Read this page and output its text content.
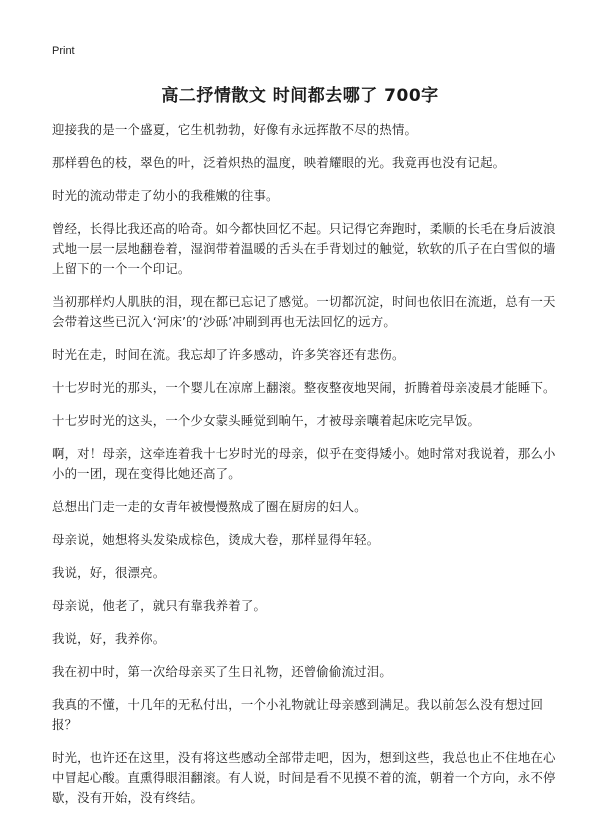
Print
高二抒情散文 时间都去哪了 700字

迎接我的是一个盛夏，它生机勃勃，好像有永远挥散不尽的热情。

那样碧色的枝，翠色的叶，泛着炽热的温度，映着耀眼的光。我竟再也没有记起。

时光的流动带走了幼小的我稚嫩的往事。

曾经，长得比我还高的哈奇。如今都快回忆不起。只记得它奔跑时，柔顺的长毛在身后波浪式地一层一层地翻卷着，湿润带着温暖的舌头在手背划过的触觉，软软的爪子在白雪似的墙上留下的一个一个印记。

当初那样灼人肌肤的泪，现在都已忘记了感觉。一切都沉淀，时间也依旧在流逝，总有一天会带着这些已沉入‘河床’的‘沙砾’冲刷到再也无法回忆的远方。

时光在走，时间在流。我忘却了许多感动，许多笑容还有悲伤。

十七岁时光的那头，一个婴儿在凉席上翻滚。整夜整夜地哭闹，折腾着母亲凌晨才能睡下。

十七岁时光的这头，一个少女蒙头睡觉到晌午，才被母亲嚷着起床吃完早饭。

啊，对！母亲，这牵连着我十七岁时光的母亲，似乎在变得矮小。她时常对我说着，那么小小的一团，现在变得比她还高了。

总想出门走一走的女青年被慢慢熬成了圈在厨房的妇人。

母亲说，她想将头发染成棕色，烫成大卷，那样显得年轻。

我说，好，很漂亮。

母亲说，他老了，就只有靠我养着了。

我说，好，我养你。

我在初中时，第一次给母亲买了生日礼物，还曾偷偷流过泪。

我真的不懂，十几年的无私付出，一个小礼物就让母亲感到满足。我以前怎么没有想过回报？

时光，也许还在这里，没有将这些感动全部带走吧，因为，想到这些，我总也止不住地在心中冒起心酸。直熏得眼泪翻滚。有人说，时间是看不见摸不着的流，朝着一个方向，永不停歇，没有开始，没有终结。
